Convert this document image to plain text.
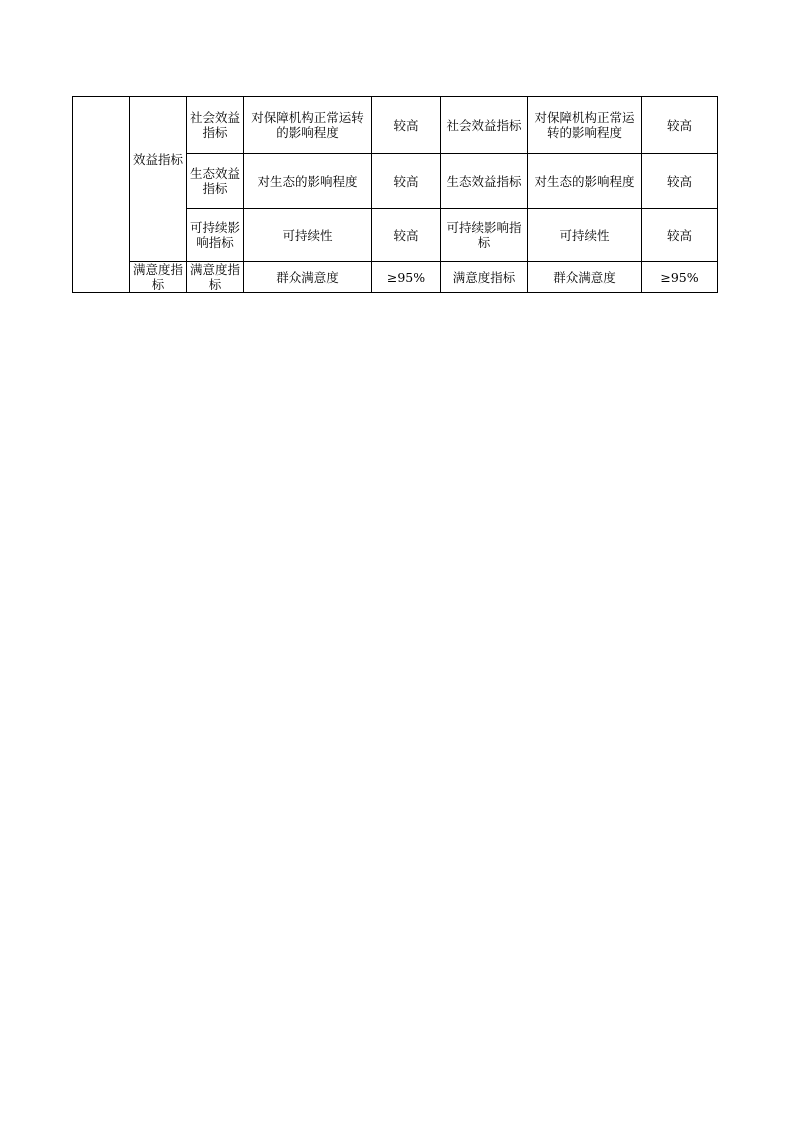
	效益指标	社会效益指标	对保障机构正常运转的影响程度	较高	社会效益指标	对保障机构正常运转的影响程度	较高
		生态效益指标	对生态的影响程度	较高	生态效益指标	对生态的影响程度	较高
		可持续影响指标	可持续性	较高	可持续影响指标	可持续性	较高
	满意度指标	满意度指标	群众满意度	≥95%	满意度指标	群众满意度	≥95%
